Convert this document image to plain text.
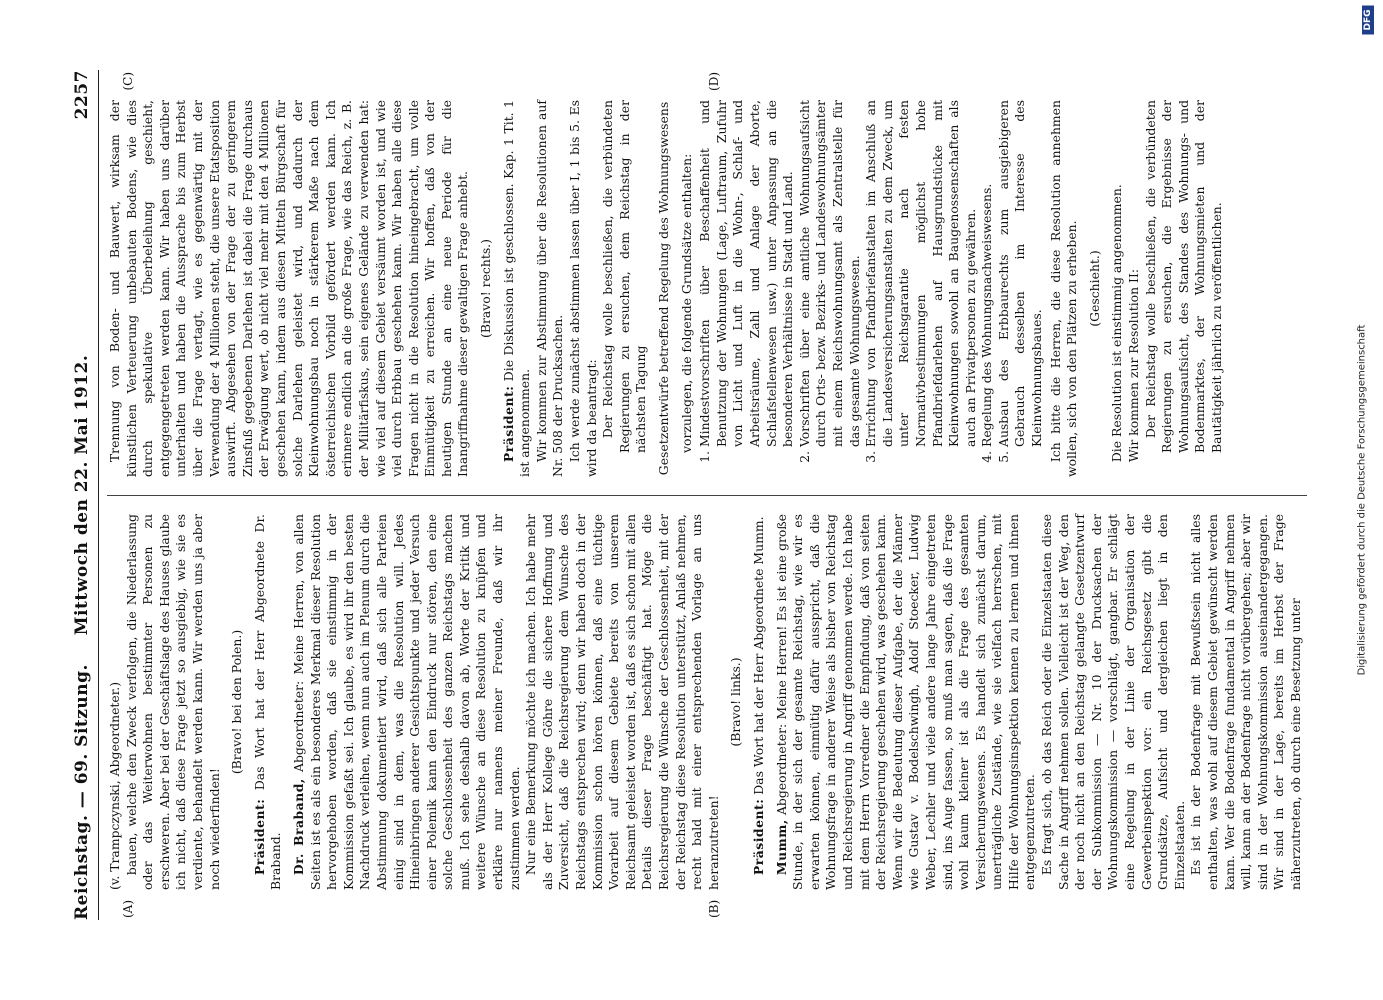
Reichstag. — 69. Sitzung.
Mittwoch den 22. Mai 1912.
2257
(A)	(B)

(v. Trampczynski, Abgeordneter.) bauen, welche den Zweck verfolgen, die Niederlassung oder das Weiterwohnen bestimmter Personen zu erschweren. Aber bei der Geschäftslage des Hauses glaube ich nicht, daß diese Frage jetzt so ausgiebig, wie sie es verdiente, behandelt werden kann. Wir werden uns ja aber noch wiederfinden!

(Bravo! bei den Polen.)

Präsident: Das Wort hat der Herr Abgeordnete Dr. Braband. Dr. Braband, Abgeordneter: Meine Herren, von allen Seiten ist es als ein besonderes Merkmal dieser Resolution hervorgehoben worden, daß sie einstimmig in der Kommission gefaßt sei. Ich glaube, es wird ihr den besten Nachdruck verleihen, wenn nun auch im Plenum durch die Abstimmung dokumentiert wird, daß sich alle Parteien einig sind in dem, was die Resolution will. Jedes Hineinbringen anderer Gesichtspunkte und jeder Versuch einer Polemik kann den Eindruck nur stören, den eine solche Geschlossenheit des ganzen Reichstags machen muß. Ich sehe deshalb davon ab, Worte der Kritik und weitere Wünsche an diese Resolution zu knüpfen und erkläre nur namens meiner Freunde, daß wir ihr zustimmen werden. Nur eine Bemerkung möchte ich machen. Ich habe mehr als der Herr Kollege Göhre die sichere Hoffnung und Zuversicht, daß die Reichsregierung dem Wunsche des Reichstags entsprechen wird; denn wir haben doch in der Kommission schon hören können, daß eine tüchtige Vorarbeit auf diesem Gebiete bereits von unserem Reichsamt geleistet worden ist, daß es sich schon mit allen Details dieser Frage beschäftigt hat. Möge die Reichsregierung die Wünsche der Geschlossenheit, mit der der Reichstag diese Resolution unterstützt, Anlaß nehmen, recht bald mit einer entsprechenden Vorlage an uns heranzutreten!

(Bravo! links.)

Präsident: Das Wort hat der Herr Abgeordnete Mumm.

Mumm, Abgeordneter: Meine Herren! Es ist eine große Stunde, in der sich der gesamte Reichstag, wie wir es erwarten können, einmütig dafür ausspricht, daß die Wohnungsfrage in anderer Weise als bisher von Reichstag und Reichsregierung in Angriff genommen werde. Ich habe mit dem Herrn Vorredner die Empfindung, daß von seiten der Reichsregierung geschehen wird, was geschehen kann. Wenn wir die Bedeutung dieser Aufgabe, der die Männer wie Gustav v. Bodelschwingh, Adolf Stoecker, Ludwig Weber, Lechler und viele andere lange Jahre eingetreten sind, ins Auge fassen, so muß man sagen, daß die Frage wohl kaum kleiner ist als die Frage des gesamten Versicherungswesens. Es handelt sich zunächst darum, unerträgliche Zustände, wie sie vielfach herrschen, mit Hilfe der Wohnungsinspektion kennen zu lernen und ihnen entgegenzutreten. Es fragt sich, ob das Reich oder die Einzelstaaten diese Sache in Angriff nehmen sollen. Vielleicht ist der Weg, den der noch nicht an den Reichstag gelangte Gesetzentwurf der Subkommission — Nr. 10 der Drucksachen der Wohnungskommission — vorschlägt, gangbar. Er schlägt eine Regelung in der Linie der Organisation der Gewerbeinspektion vor: ein Reichsgesetz gibt die Grundsätze, Aufsicht und dergleichen liegt in den Einzelstaaten. Es ist in der Bodenfrage mit Bewußtsein nicht alles enthalten, was wohl auf diesem Gebiet gewünscht werden kann. Wer die Bodenfrage fundamental in Angriff nehmen will, kann an der Bodenfrage nicht vorübergehen; aber wir sind in der Wohnungskommission auseinandergegangen. Wir sind in der Lage, bereits im Herbst der Frage näherzutreten, ob durch eine Besetzung unter

(C)	(D)

Trennung von Boden- und Bauwert, wirksam der künstlichen Verteuerung unbebauten Bodens, wie dies durch spekulative Überbeleihung geschieht, entgegengetreten werden kann. Wir haben uns darüber unterhalten und haben die Aussprache bis zum Herbst über die Frage vertagt, wie es gegenwärtig mit der Verwendung der 4 Millionen steht, die unsere Etatsposition auswirft. Abgesehen von der Frage der zu geringerem Zinsfuß gegebenen Darlehen ist dabei die Frage durchaus der Erwägung wert, ob nicht viel mehr mit den 4 Millionen geschehen kann, indem aus diesen Mitteln Bürgschaft für solche Darlehen geleistet wird, und dadurch der Kleinwohnungsbau noch in stärkerem Maße nach dem österreichischen Vorbild gefördert werden kann. Ich erinnere endlich an die große Frage, wie das Reich, z. B. der Militärfiskus, sein eigenes Gelände zu verwenden hat: wie viel auf diesem Gebiet versäumt worden ist, und wie viel durch Erbbau geschehen kann. Wir haben alle diese Fragen nicht in die Resolution hineingebracht, um volle Einmütigkeit zu erreichen. Wir hoffen, daß von der heutigen Stunde an eine neue Periode für die Inangriffnahme dieser gewaltigen Frage anhebt. (Bravo! rechts.)

Präsident: Die Diskussion ist geschlossen. Kap. 1 Tit. 1 ist angenommen. Wir kommen zur Abstimmung über die Resolutionen auf Nr. 508 der Drucksachen. Ich werde zunächst abstimmen lassen über I, 1 bis 5. Es wird da beantragt: Der Reichstag wolle beschließen, die verbündeten Regierungen zu ersuchen, dem Reichstag in der nächsten Tagung Gesetzentwürfe betreffend Regelung des Wohnungswesens vorzulegen, die folgende Grundsätze enthalten: 1. Mindestvorschriften über Beschaffenheit und Benutzung der Wohnungen (Lage, Luftraum, Zufuhr von Licht und Luft in die Wohn-, Schlaf- und Arbeitsräume, Zahl und Anlage der Aborte, Schlafstellenwesen usw.) unter Anpassung an die besonderen Verhältnisse in Stadt und Land. 2. Vorschriften über eine amtliche Wohnungsaufsicht durch Orts- bezw. Bezirks- und Landeswohnungsämter mit einem Reichswohnungsamt als Zentralstelle für das gesamte Wohnungswesen. 3. Errichtung von Pfandbriefanstalten im Anschluß an die Landesversicherungsanstalten zu dem Zweck, um unter Reichsgarantie nach festen Normativbestimmungen möglichst hohe Pfandbriefdarlehen auf Hausgrundstücke mit Kleinwohnungen sowohl an Baugenossenschaften als auch an Privatpersonen zu gewähren. 4. Regelung des Wohnungsnachweiswesens. 5. Ausbau des Erbbaurechts zum ausgiebigeren Gebrauch desselben im Interesse des Kleinwohnungsbaues. Ich bitte die Herren, die diese Resolution annehmen wollen, sich von den Plätzen zu erheben. (Geschieht.) Die Resolution ist einstimmig angenommen. Wir kommen zur Resolution II: Der Reichstag wolle beschließen, die verbündeten Regierungen zu ersuchen, die Ergebnisse der Wohnungsaufsicht, des Standes des Wohnungs- und Bodenmarktes, der Wohnungsmieten und der Bautätigkeit jährlich zu veröffentlichen.

DFG
Digitalisierung gefördert durch die Deutsche Forschungsgemeinschaft
